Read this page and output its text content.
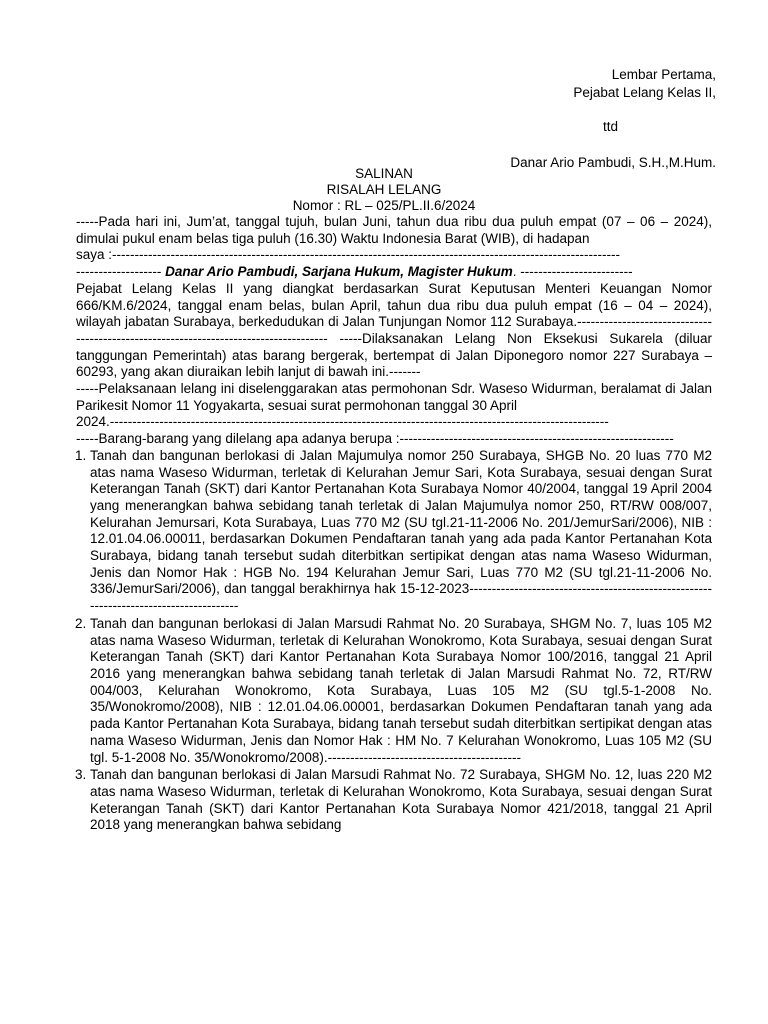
Lembar Pertama,
Pejabat Lelang Kelas II,
ttd
Danar Ario Pambudi, S.H.,M.Hum.
SALINAN
RISALAH LELANG
Nomor : RL – 025/PL.II.6/2024

-----Pada hari ini, Jum’at, tanggal tujuh, bulan Juni, tahun dua ribu dua puluh empat (07 – 06 – 2024), dimulai pukul enam belas tiga puluh (16.30) Waktu Indonesia Barat (WIB), di hadapan

saya :-----------------------------------------------------------------------------------------------------------------

------------------- Danar Ario Pambudi, Sarjana Hukum, Magister Hukum. -------------------------

Pejabat Lelang Kelas II yang diangkat berdasarkan Surat Keputusan Menteri Keuangan Nomor 666/KM.6/2024, tanggal enam belas, bulan April, tahun dua ribu dua puluh empat (16 – 04 – 2024), wilayah jabatan Surabaya, berkedudukan di Jalan Tunjungan Nomor 112 Surabaya.-------------------------------------------------------------------------------------- -----Dilaksanakan Lelang Non Eksekusi Sukarela (diluar tanggungan Pemerintah) atas barang bergerak, bertempat di Jalan Diponegoro nomor 227 Surabaya – 60293, yang akan diuraikan lebih lanjut di bawah ini.-------

-----Pelaksanaan lelang ini diselenggarakan atas permohonan Sdr. Waseso Widurman, beralamat di Jalan Parikesit Nomor 11 Yogyakarta, sesuai surat permohonan tanggal 30 April

2024.---------------------------------------------------------------------------------------------------------------

-----Barang-barang yang dilelang apa adanya berupa :-------------------------------------------------------------

1. Tanah dan bangunan berlokasi di Jalan Majumulya nomor 250 Surabaya, SHGB No. 20 luas 770 M2 atas nama Waseso Widurman, terletak di Kelurahan Jemur Sari, Kota Surabaya, sesuai dengan Surat Keterangan Tanah (SKT) dari Kantor Pertanahan Kota Surabaya Nomor 40/2004, tanggal 19 April 2004 yang menerangkan bahwa sebidang tanah terletak di Jalan Majumulya nomor 250, RT/RW 008/007, Kelurahan Jemursari, Kota Surabaya, Luas 770 M2 (SU tgl.21-11-2006 No. 201/JemurSari/2006), NIB : 12.01.04.06.00011, berdasarkan Dokumen Pendaftaran tanah yang ada pada Kantor Pertanahan Kota Surabaya, bidang tanah tersebut sudah diterbitkan sertipikat dengan atas nama Waseso Widurman, Jenis dan Nomor Hak : HGB No. 194 Kelurahan Jemur Sari, Luas 770 M2 (SU tgl.21-11-2006 No. 336/JemurSari/2006), dan tanggal berakhirnya hak 15-12-2023---------------------------------------------------------------------------------------
2. Tanah dan bangunan berlokasi di Jalan Marsudi Rahmat No. 20 Surabaya, SHGM No. 7, luas 105 M2 atas nama Waseso Widurman, terletak di Kelurahan Wonokromo, Kota Surabaya, sesuai dengan Surat Keterangan Tanah (SKT) dari Kantor Pertanahan Kota Surabaya Nomor 100/2016, tanggal 21 April 2016 yang menerangkan bahwa sebidang tanah terletak di Jalan Marsudi Rahmat No. 72, RT/RW 004/003, Kelurahan Wonokromo, Kota Surabaya, Luas 105 M2 (SU tgl.5-1-2008 No. 35/Wonokromo/2008), NIB : 12.01.04.06.00001, berdasarkan Dokumen Pendaftaran tanah yang ada pada Kantor Pertanahan Kota Surabaya, bidang tanah tersebut sudah diterbitkan sertipikat dengan atas nama Waseso Widurman, Jenis dan Nomor Hak : HM No. 7 Kelurahan Wonokromo, Luas 105 M2 (SU tgl. 5-1-2008 No. 35/Wonokromo/2008).-------------------------------------------
3. Tanah dan bangunan berlokasi di Jalan Marsudi Rahmat No. 72 Surabaya, SHGM No. 12, luas 220 M2 atas nama Waseso Widurman, terletak di Kelurahan Wonokromo, Kota Surabaya, sesuai dengan Surat Keterangan Tanah (SKT) dari Kantor Pertanahan Kota Surabaya Nomor 421/2018, tanggal 21 April 2018 yang menerangkan bahwa sebidang
